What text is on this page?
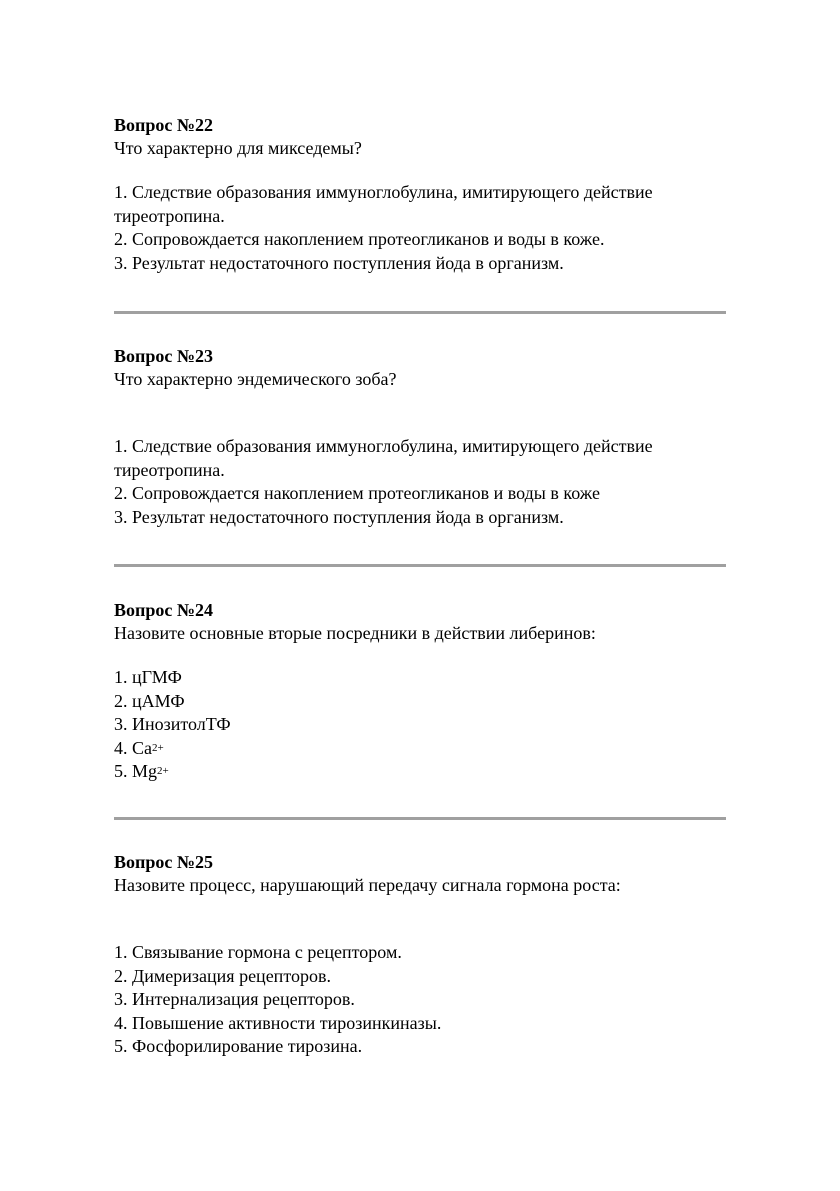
Вопрос №22

Что характерно для микседемы?

1. Следствие образования иммуноглобулина, имитирующего действие тиреотропина.
2. Сопровождается накоплением протеогликанов и воды в коже.
3. Результат недостаточного поступления йода в организм.

Вопрос №23

Что характерно эндемического зоба?

1. Следствие образования иммуноглобулина, имитирующего действие тиреотропина.
2. Сопровождается накоплением протеогликанов и воды в коже
3. Результат недостаточного поступления йода в организм.

Вопрос №24

Назовите основные вторые посредники в действии либеринов:

1. цГМФ
2. цАМФ
3. ИнозитолТФ
4. $Ca^{2+}$
5. $Mg^{2+}$

Вопрос №25

Назовите процесс, нарушающий передачу сигнала гормона роста:

1. Связывание гормона с рецептором.
2. Димеризация рецепторов.
3. Интернализация рецепторов.
4. Повышение активности тирозинкиназы.
5. Фосфорилирование тирозина.
